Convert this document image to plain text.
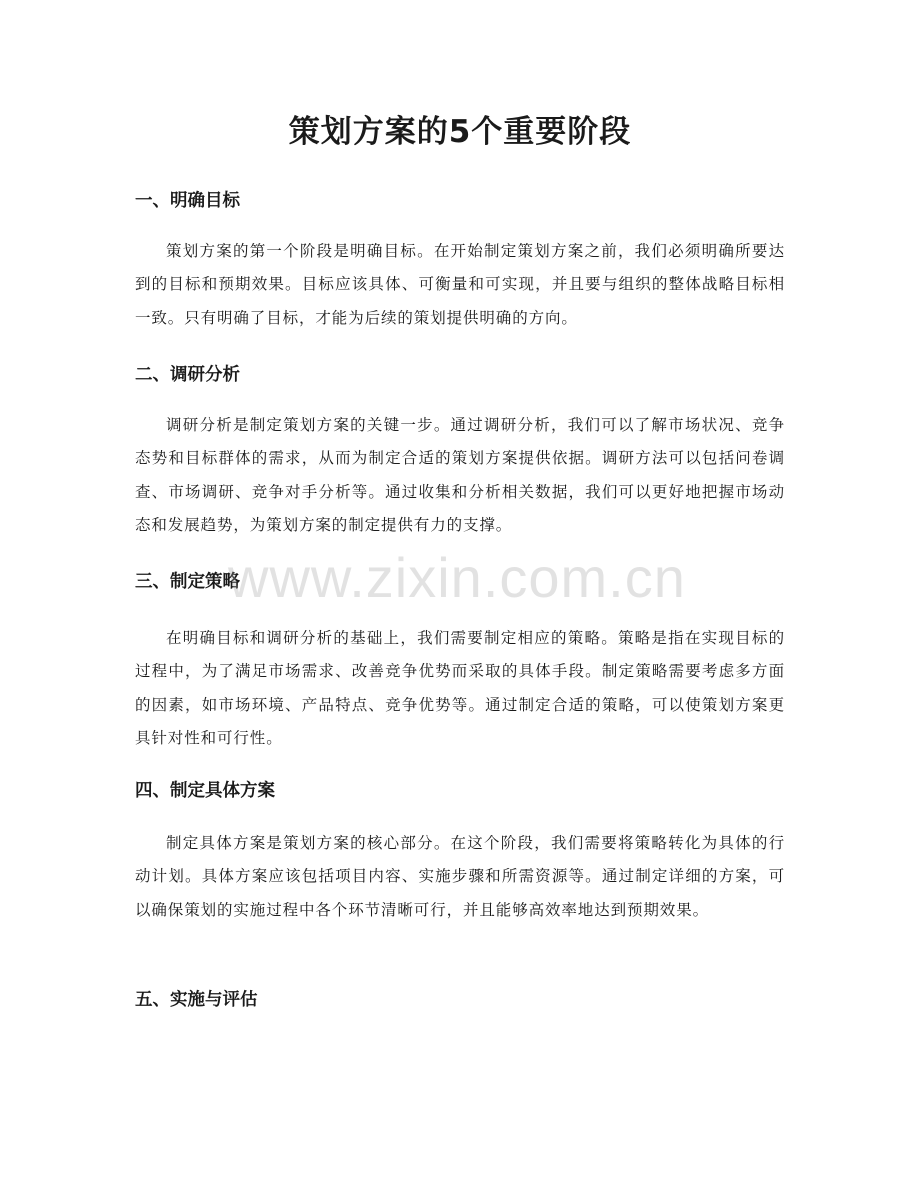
策划方案的5个重要阶段
一、明确目标

策划方案的第一个阶段是明确目标。在开始制定策划方案之前，我们必须明确所要达到的目标和预期效果。目标应该具体、可衡量和可实现，并且要与组织的整体战略目标相一致。只有明确了目标，才能为后续的策划提供明确的方向。

二、调研分析

调研分析是制定策划方案的关键一步。通过调研分析，我们可以了解市场状况、竞争态势和目标群体的需求，从而为制定合适的策划方案提供依据。调研方法可以包括问卷调查、市场调研、竞争对手分析等。通过收集和分析相关数据，我们可以更好地把握市场动态和发展趋势，为策划方案的制定提供有力的支撑。

三、制定策略

在明确目标和调研分析的基础上，我们需要制定相应的策略。策略是指在实现目标的过程中，为了满足市场需求、改善竞争优势而采取的具体手段。制定策略需要考虑多方面的因素，如市场环境、产品特点、竞争优势等。通过制定合适的策略，可以使策划方案更具针对性和可行性。

四、制定具体方案

制定具体方案是策划方案的核心部分。在这个阶段，我们需要将策略转化为具体的行动计划。具体方案应该包括项目内容、实施步骤和所需资源等。通过制定详细的方案，可以确保策划的实施过程中各个环节清晰可行，并且能够高效率地达到预期效果。

五、实施与评估
www.zixin.com.cn
